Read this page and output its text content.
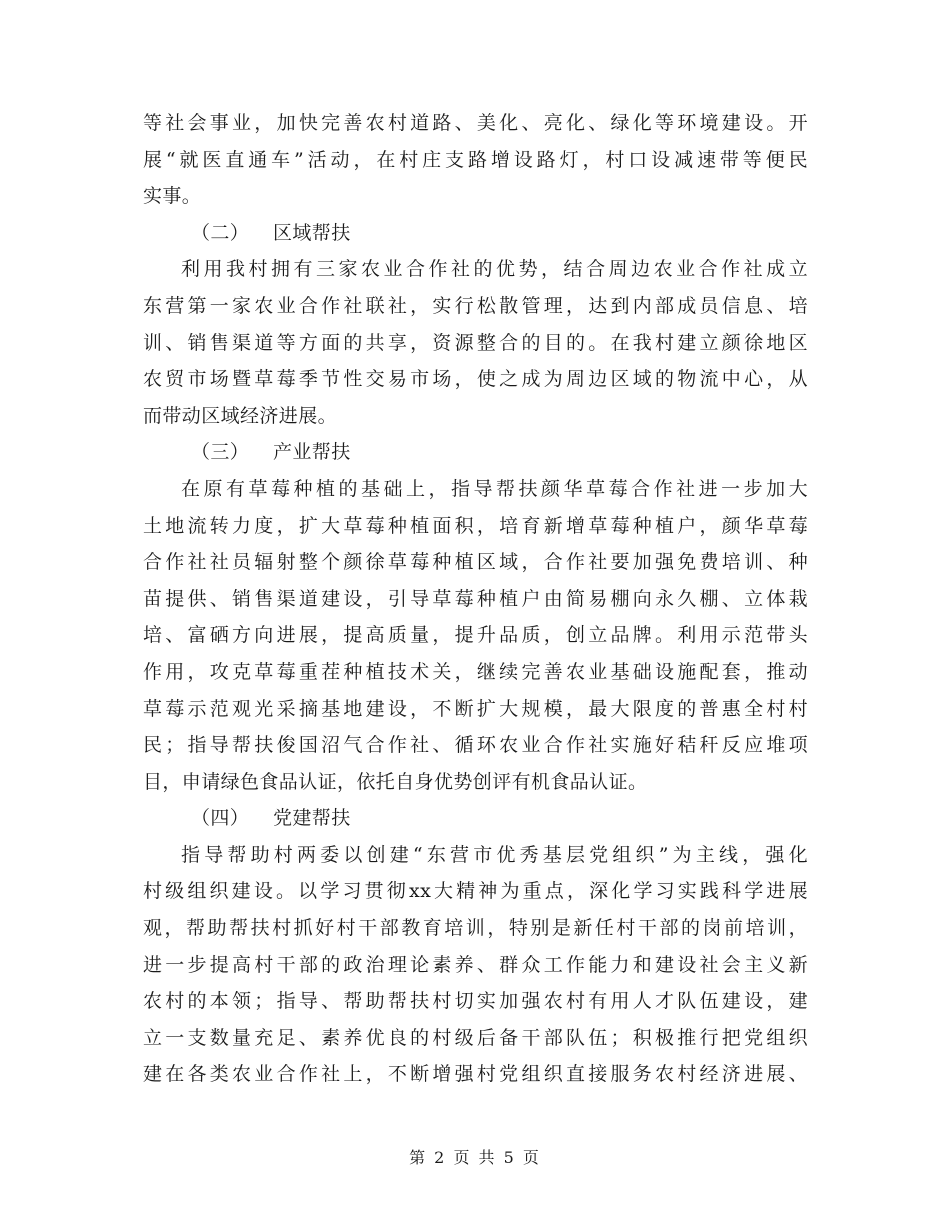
等社会事业，加快完善农村道路、美化、亮化、绿化等环境建设。开
展“就医直通车”活动，在村庄支路增设路灯，村口设减速带等便民
实事。
（二） 区域帮扶
利用我村拥有三家农业合作社的优势，结合周边农业合作社成立
东营第一家农业合作社联社，实行松散管理，达到内部成员信息、培
训、销售渠道等方面的共享，资源整合的目的。在我村建立颜徐地区
农贸市场暨草莓季节性交易市场，使之成为周边区域的物流中心，从
而带动区域经济进展。
（三） 产业帮扶
在原有草莓种植的基础上，指导帮扶颜华草莓合作社进一步加大
土地流转力度，扩大草莓种植面积，培育新增草莓种植户，颜华草莓
合作社社员辐射整个颜徐草莓种植区域，合作社要加强免费培训、种
苗提供、销售渠道建设，引导草莓种植户由简易棚向永久棚、立体栽
培、富硒方向进展，提高质量，提升品质，创立品牌。利用示范带头
作用，攻克草莓重茬种植技术关，继续完善农业基础设施配套，推动
草莓示范观光采摘基地建设，不断扩大规模，最大限度的普惠全村村
民；指导帮扶俊国沼气合作社、循环农业合作社实施好秸秆反应堆项
目，申请绿色食品认证，依托自身优势创评有机食品认证。
（四） 党建帮扶
指导帮助村两委以创建“东营市优秀基层党组织”为主线，强化
村级组织建设。以学习贯彻xx大精神为重点，深化学习实践科学进展
观，帮助帮扶村抓好村干部教育培训，特别是新任村干部的岗前培训，
进一步提高村干部的政治理论素养、群众工作能力和建设社会主义新
农村的本领；指导、帮助帮扶村切实加强农村有用人才队伍建设，建
立一支数量充足、素养优良的村级后备干部队伍；积极推行把党组织
建在各类农业合作社上，不断增强村党组织直接服务农村经济进展、
第 2 页 共 5 页
